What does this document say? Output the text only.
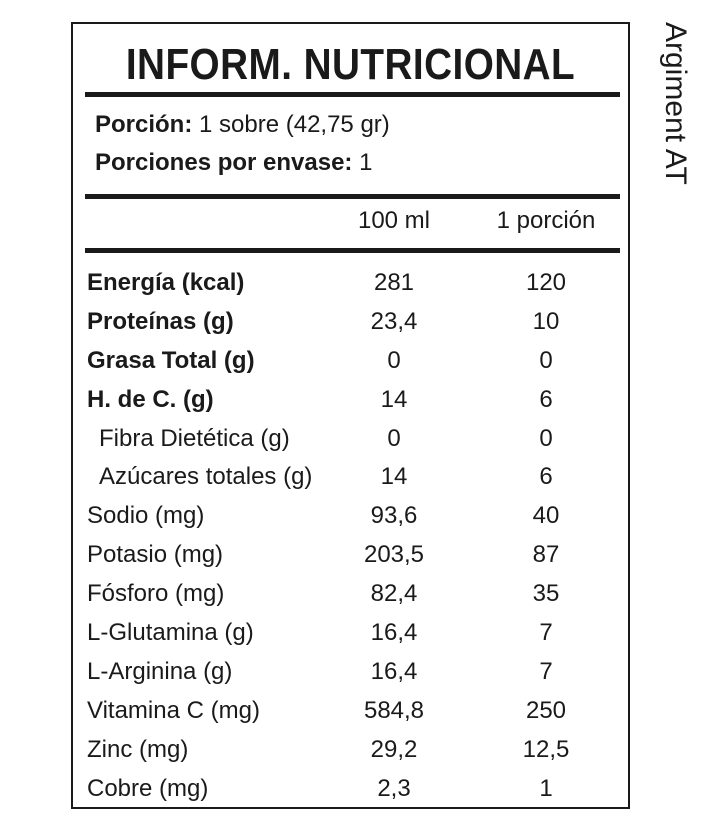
INFORM. NUTRICIONAL
Porción: 1 sobre (42,75 gr)
Porciones por envase: 1
100 ml	1 porción
Energía (kcal)	281	120
Proteínas (g)	23,4	10
Grasa Total (g)	0	0
H. de C. (g)	14	6
Fibra Dietética (g)	0	0
Azúcares totales (g)	14	6
Sodio (mg)	93,6	40
Potasio (mg)	203,5	87
Fósforo (mg)	82,4	35
L-Glutamina (g)	16,4	7
L-Arginina (g)	16,4	7
Vitamina C (mg)	584,8	250
Zinc (mg)	29,2	12,5
Cobre (mg)	2,3	1
Argiment AT
